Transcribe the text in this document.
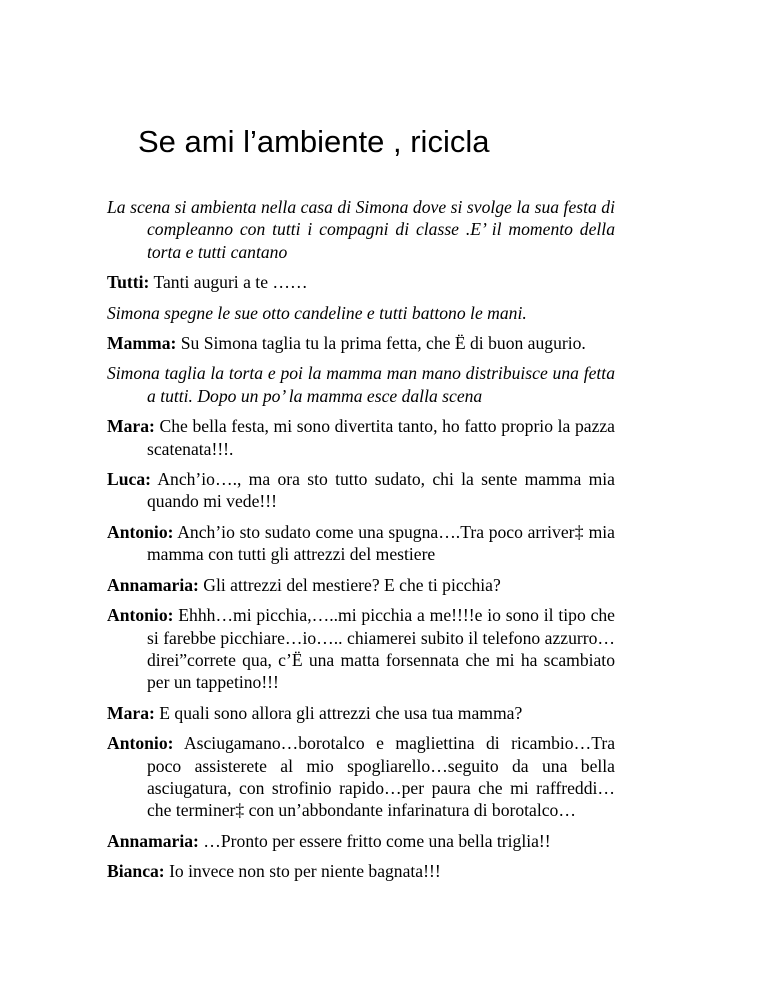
Se ami l’ambiente , ricicla

La scena si ambienta nella casa di Simona dove si svolge la sua festa di compleanno con tutti i compagni di classe .E’ il momento della torta e tutti cantano

Tutti: Tanti auguri a te ……

Simona spegne le sue otto candeline e tutti battono le mani.

Mamma: Su Simona taglia tu la prima fetta, che Ë di buon augurio.

Simona taglia la torta e poi la mamma man mano distribuisce una fetta a tutti. Dopo un po’ la mamma esce dalla scena

Mara: Che bella festa, mi sono divertita tanto, ho fatto proprio la pazza scatenata!!!.

Luca: Anch’io…., ma ora sto tutto sudato, chi la sente mamma mia quando mi vede!!!

Antonio: Anch’io sto sudato come una spugna….Tra poco arriver‡ mia mamma con tutti gli attrezzi del mestiere

Annamaria: Gli attrezzi del mestiere? E che ti picchia?

Antonio: Ehhh…mi picchia,…..mi picchia a me!!!!e io sono il tipo che si farebbe picchiare…io….. chiamerei subito il telefono azzurro…direi”correte qua, c’Ë una matta forsennata che mi ha scambiato per un tappetino!!!

Mara: E quali sono allora gli attrezzi che usa tua mamma?

Antonio: Asciugamano…borotalco e magliettina di ricambio…Tra poco assisterete al mio spogliarello…seguito da una bella asciugatura, con strofinio rapido…per paura che mi raffreddi…che terminer‡ con un’abbondante infarinatura di borotalco…

Annamaria: …Pronto per essere fritto come una bella triglia!!

Bianca: Io invece non sto per niente bagnata!!!
